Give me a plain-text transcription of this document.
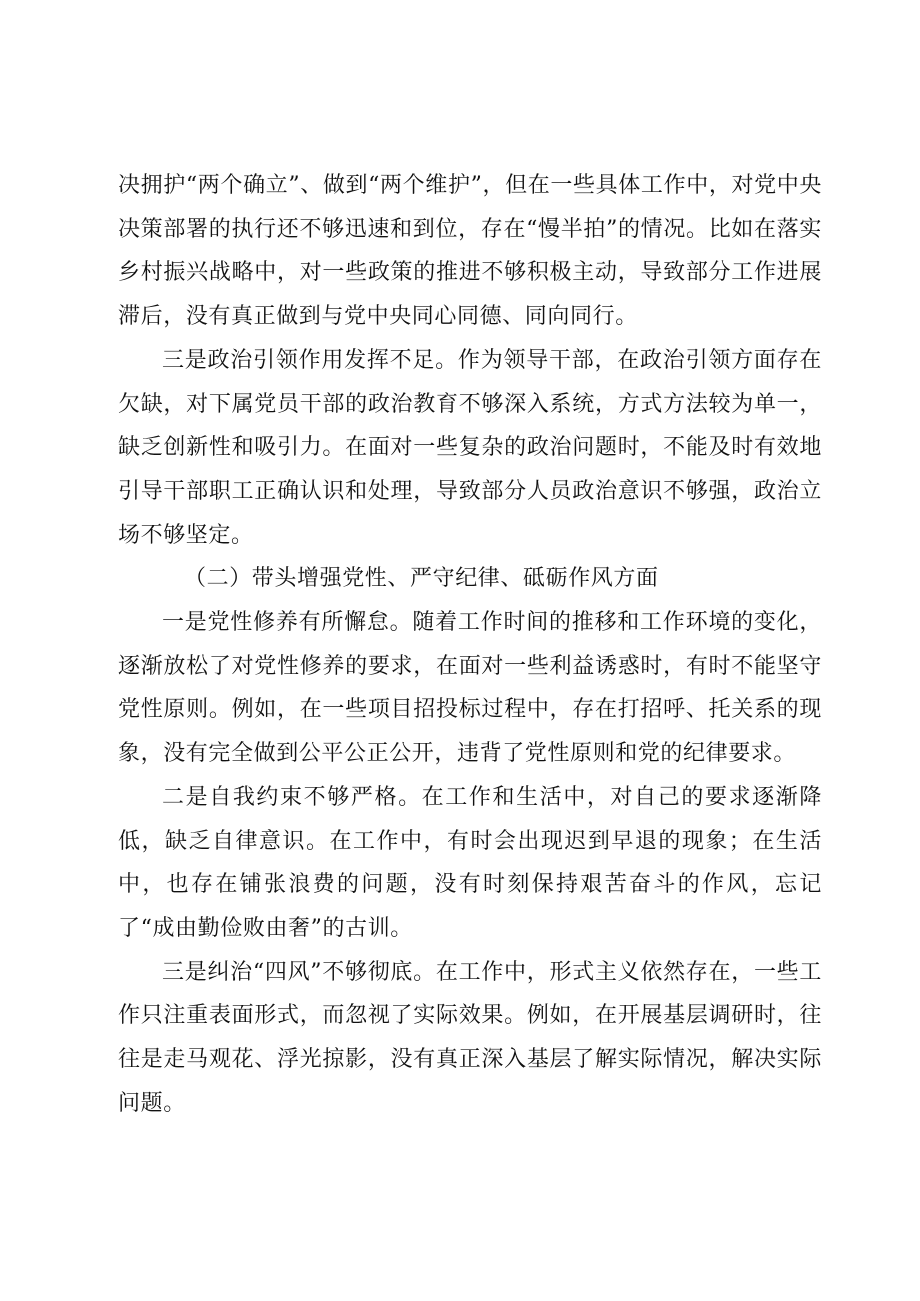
决拥护“两个确立”、做到“两个维护”，但在一些具体工作中，对党中央决策部署的执行还不够迅速和到位，存在“慢半拍”的情况。比如在落实乡村振兴战略中，对一些政策的推进不够积极主动，导致部分工作进展滞后，没有真正做到与党中央同心同德、同向同行。

三是政治引领作用发挥不足。作为领导干部，在政治引领方面存在欠缺，对下属党员干部的政治教育不够深入系统，方式方法较为单一，缺乏创新性和吸引力。在面对一些复杂的政治问题时，不能及时有效地引导干部职工正确认识和处理，导致部分人员政治意识不够强，政治立场不够坚定。

（二）带头增强党性、严守纪律、砥砺作风方面

一是党性修养有所懈怠。随着工作时间的推移和工作环境的变化，逐渐放松了对党性修养的要求，在面对一些利益诱惑时，有时不能坚守党性原则。例如，在一些项目招投标过程中，存在打招呼、托关系的现象，没有完全做到公平公正公开，违背了党性原则和党的纪律要求。

二是自我约束不够严格。在工作和生活中，对自己的要求逐渐降低，缺乏自律意识。在工作中，有时会出现迟到早退的现象；在生活中，也存在铺张浪费的问题，没有时刻保持艰苦奋斗的作风，忘记了“成由勤俭败由奢”的古训。

三是纠治“四风”不够彻底。在工作中，形式主义依然存在，一些工作只注重表面形式，而忽视了实际效果。例如，在开展基层调研时，往往是走马观花、浮光掠影，没有真正深入基层了解实际情况，解决实际问题。
